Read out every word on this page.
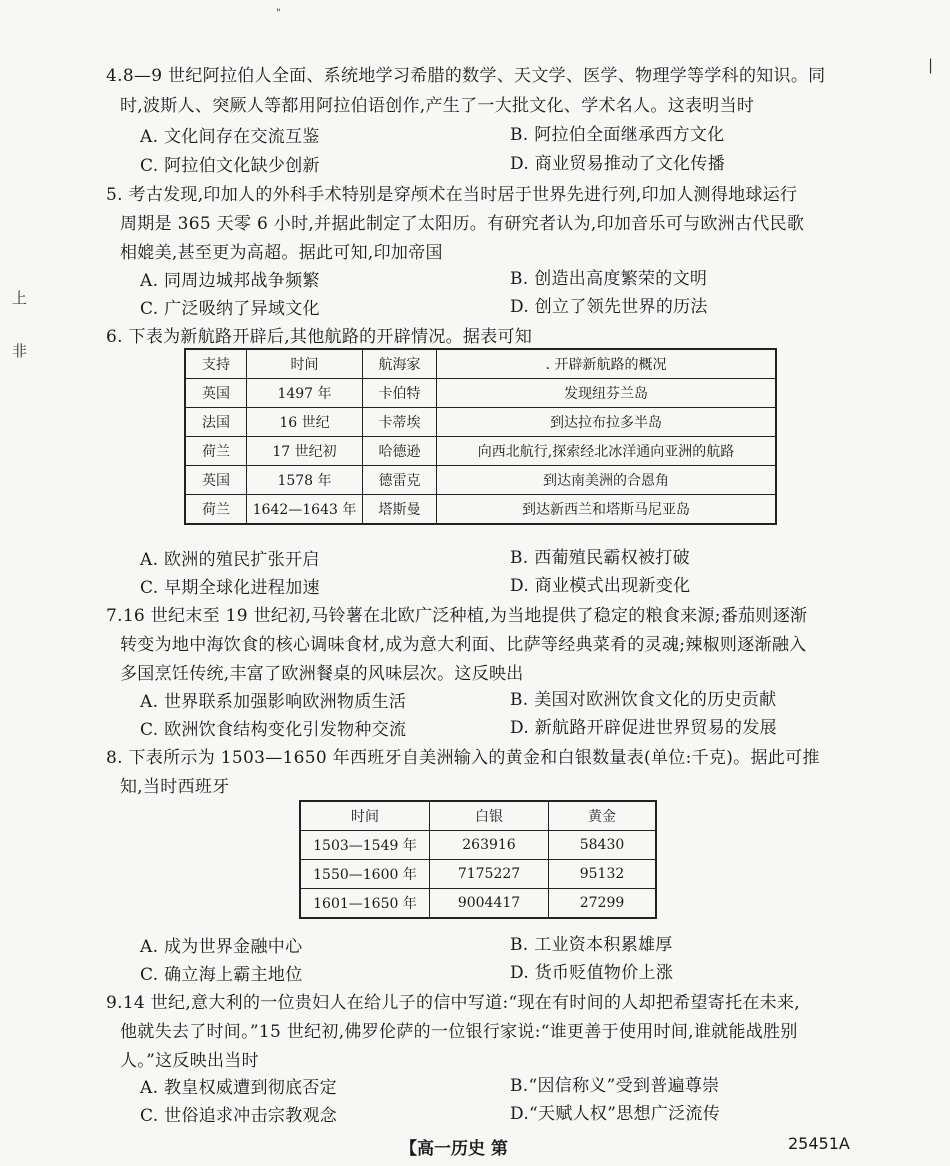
"
|
上
非
4.8—9 世纪阿拉伯人全面、系统地学习希腊的数学、天文学、医学、物理学等学科的知识。同
时,波斯人、突厥人等都用阿拉伯语创作,产生了一大批文化、学术名人。这表明当时
A. 文化间存在交流互鉴	B. 阿拉伯全面继承西方文化
C. 阿拉伯文化缺少创新	D. 商业贸易推动了文化传播
5. 考古发现,印加人的外科手术特别是穿颅术在当时居于世界先进行列,印加人测得地球运行
周期是 365 天零 6 小时,并据此制定了太阳历。有研究者认为,印加音乐可与欧洲古代民歌
相媲美,甚至更为高超。据此可知,印加帝国
A. 同周边城邦战争频繁	B. 创造出高度繁荣的文明
C. 广泛吸纳了异域文化	D. 创立了领先世界的历法
6. 下表为新航路开辟后,其他航路的开辟情况。据表可知
支持	时间	航海家	. 开辟新航路的概况
英国	1497 年	卡伯特	发现纽芬兰岛
法国	16 世纪	卡蒂埃	到达拉布拉多半岛
荷兰	17 世纪初	哈德逊	向西北航行,探索经北冰洋通向亚洲的航路
英国	1578 年	德雷克	到达南美洲的合恩角
荷兰	1642—1643 年	塔斯曼	到达新西兰和塔斯马尼亚岛
A. 欧洲的殖民扩张开启	B. 西葡殖民霸权被打破
C. 早期全球化进程加速	D. 商业模式出现新变化
7.16 世纪末至 19 世纪初,马铃薯在北欧广泛种植,为当地提供了稳定的粮食来源;番茄则逐渐
转变为地中海饮食的核心调味食材,成为意大利面、比萨等经典菜肴的灵魂;辣椒则逐渐融入
多国烹饪传统,丰富了欧洲餐桌的风味层次。这反映出
A. 世界联系加强影响欧洲物质生活	B. 美国对欧洲饮食文化的历史贡献
C. 欧洲饮食结构变化引发物种交流	D. 新航路开辟促进世界贸易的发展
8. 下表所示为 1503—1650 年西班牙自美洲输入的黄金和白银数量表(单位:千克)。据此可推
知,当时西班牙
时间	白银	黄金
1503—1549 年	263916	58430
1550—1600 年	7175227	95132
1601—1650 年	9004417	27299
A. 成为世界金融中心	B. 工业资本积累雄厚
C. 确立海上霸主地位	D. 货币贬值物价上涨
9.14 世纪,意大利的一位贵妇人在给儿子的信中写道:“现在有时间的人却把希望寄托在未来,
他就失去了时间。”15 世纪初,佛罗伦萨的一位银行家说:“谁更善于使用时间,谁就能战胜别
人。”这反映出当时
A. 教皇权威遭到彻底否定	B.“因信称义”受到普遍尊崇
C. 世俗追求冲击宗教观念	D.“天赋人权”思想广泛流传
【高一历史 第	25451A
